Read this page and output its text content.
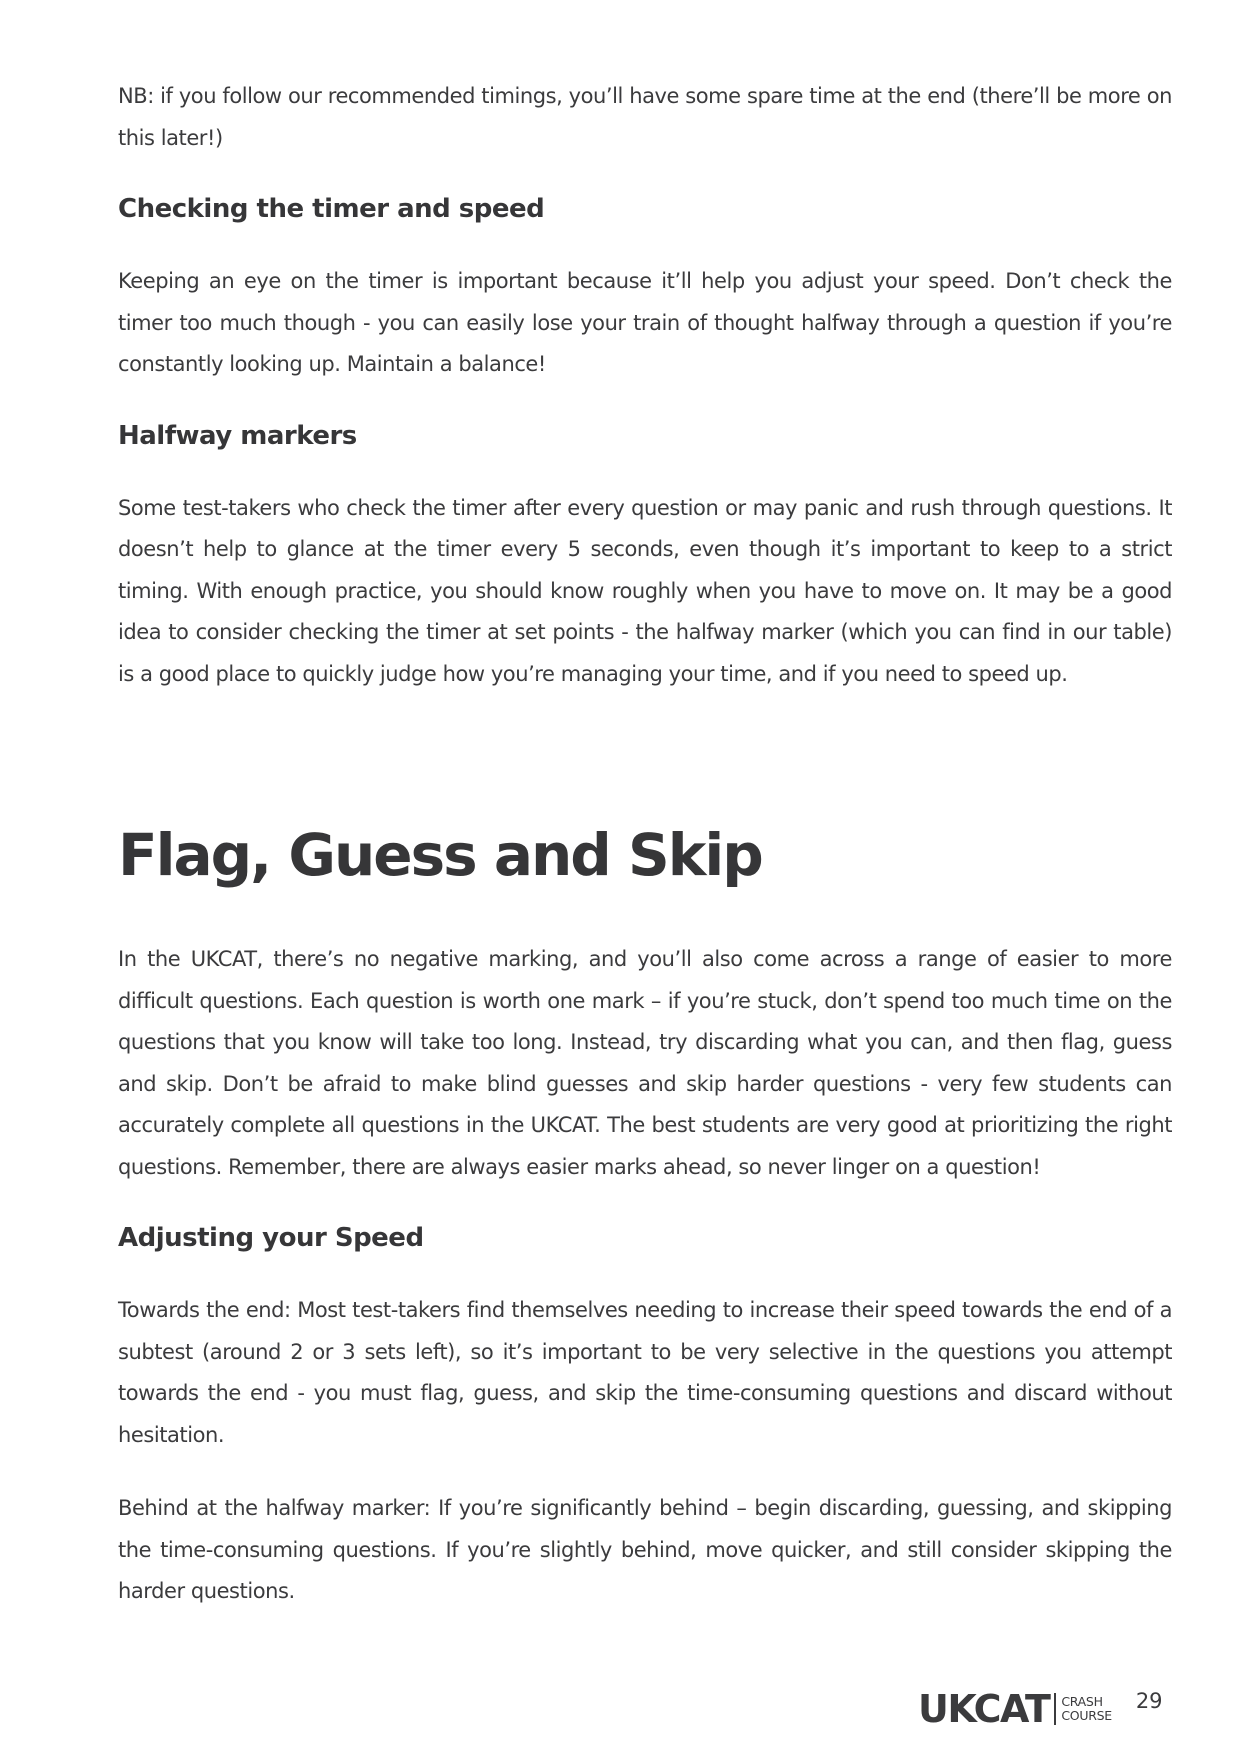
NB: if you follow our recommended timings, you’ll have some spare time at the end (there’ll be more on this later!)

Checking the timer and speed

Keeping an eye on the timer is important because it’ll help you adjust your speed. Don’t check the timer too much though - you can easily lose your train of thought halfway through a question if you’re constantly looking up. Maintain a balance!

Halfway markers

Some test-takers who check the timer after every question or may panic and rush through questions. It doesn’t help to glance at the timer every 5 seconds, even though it’s important to keep to a strict timing. With enough practice, you should know roughly when you have to move on. It may be a good idea to consider checking the timer at set points - the halfway marker (which you can find in our table) is a good place to quickly judge how you’re managing your time, and if you need to speed up.

Flag, Guess and Skip

In the UKCAT, there’s no negative marking, and you’ll also come across a range of easier to more difficult questions. Each question is worth one mark – if you’re stuck, don’t spend too much time on the questions that you know will take too long. Instead, try discarding what you can, and then flag, guess and skip. Don’t be afraid to make blind guesses and skip harder questions - very few students can accurately complete all questions in the UKCAT. The best students are very good at prioritizing the right questions. Remember, there are always easier marks ahead, so never linger on a question!

Adjusting your Speed

Towards the end: Most test-takers find themselves needing to increase their speed towards the end of a subtest (around 2 or 3 sets left), so it’s important to be very selective in the questions you attempt towards the end - you must flag, guess, and skip the time-consuming questions and discard without hesitation.

Behind at the halfway marker: If you’re significantly behind – begin discarding, guessing, and skipping the time-consuming questions. If you’re slightly behind, move quicker, and still consider skipping the harder questions.

UKCAT CRASH
COURSE
29
